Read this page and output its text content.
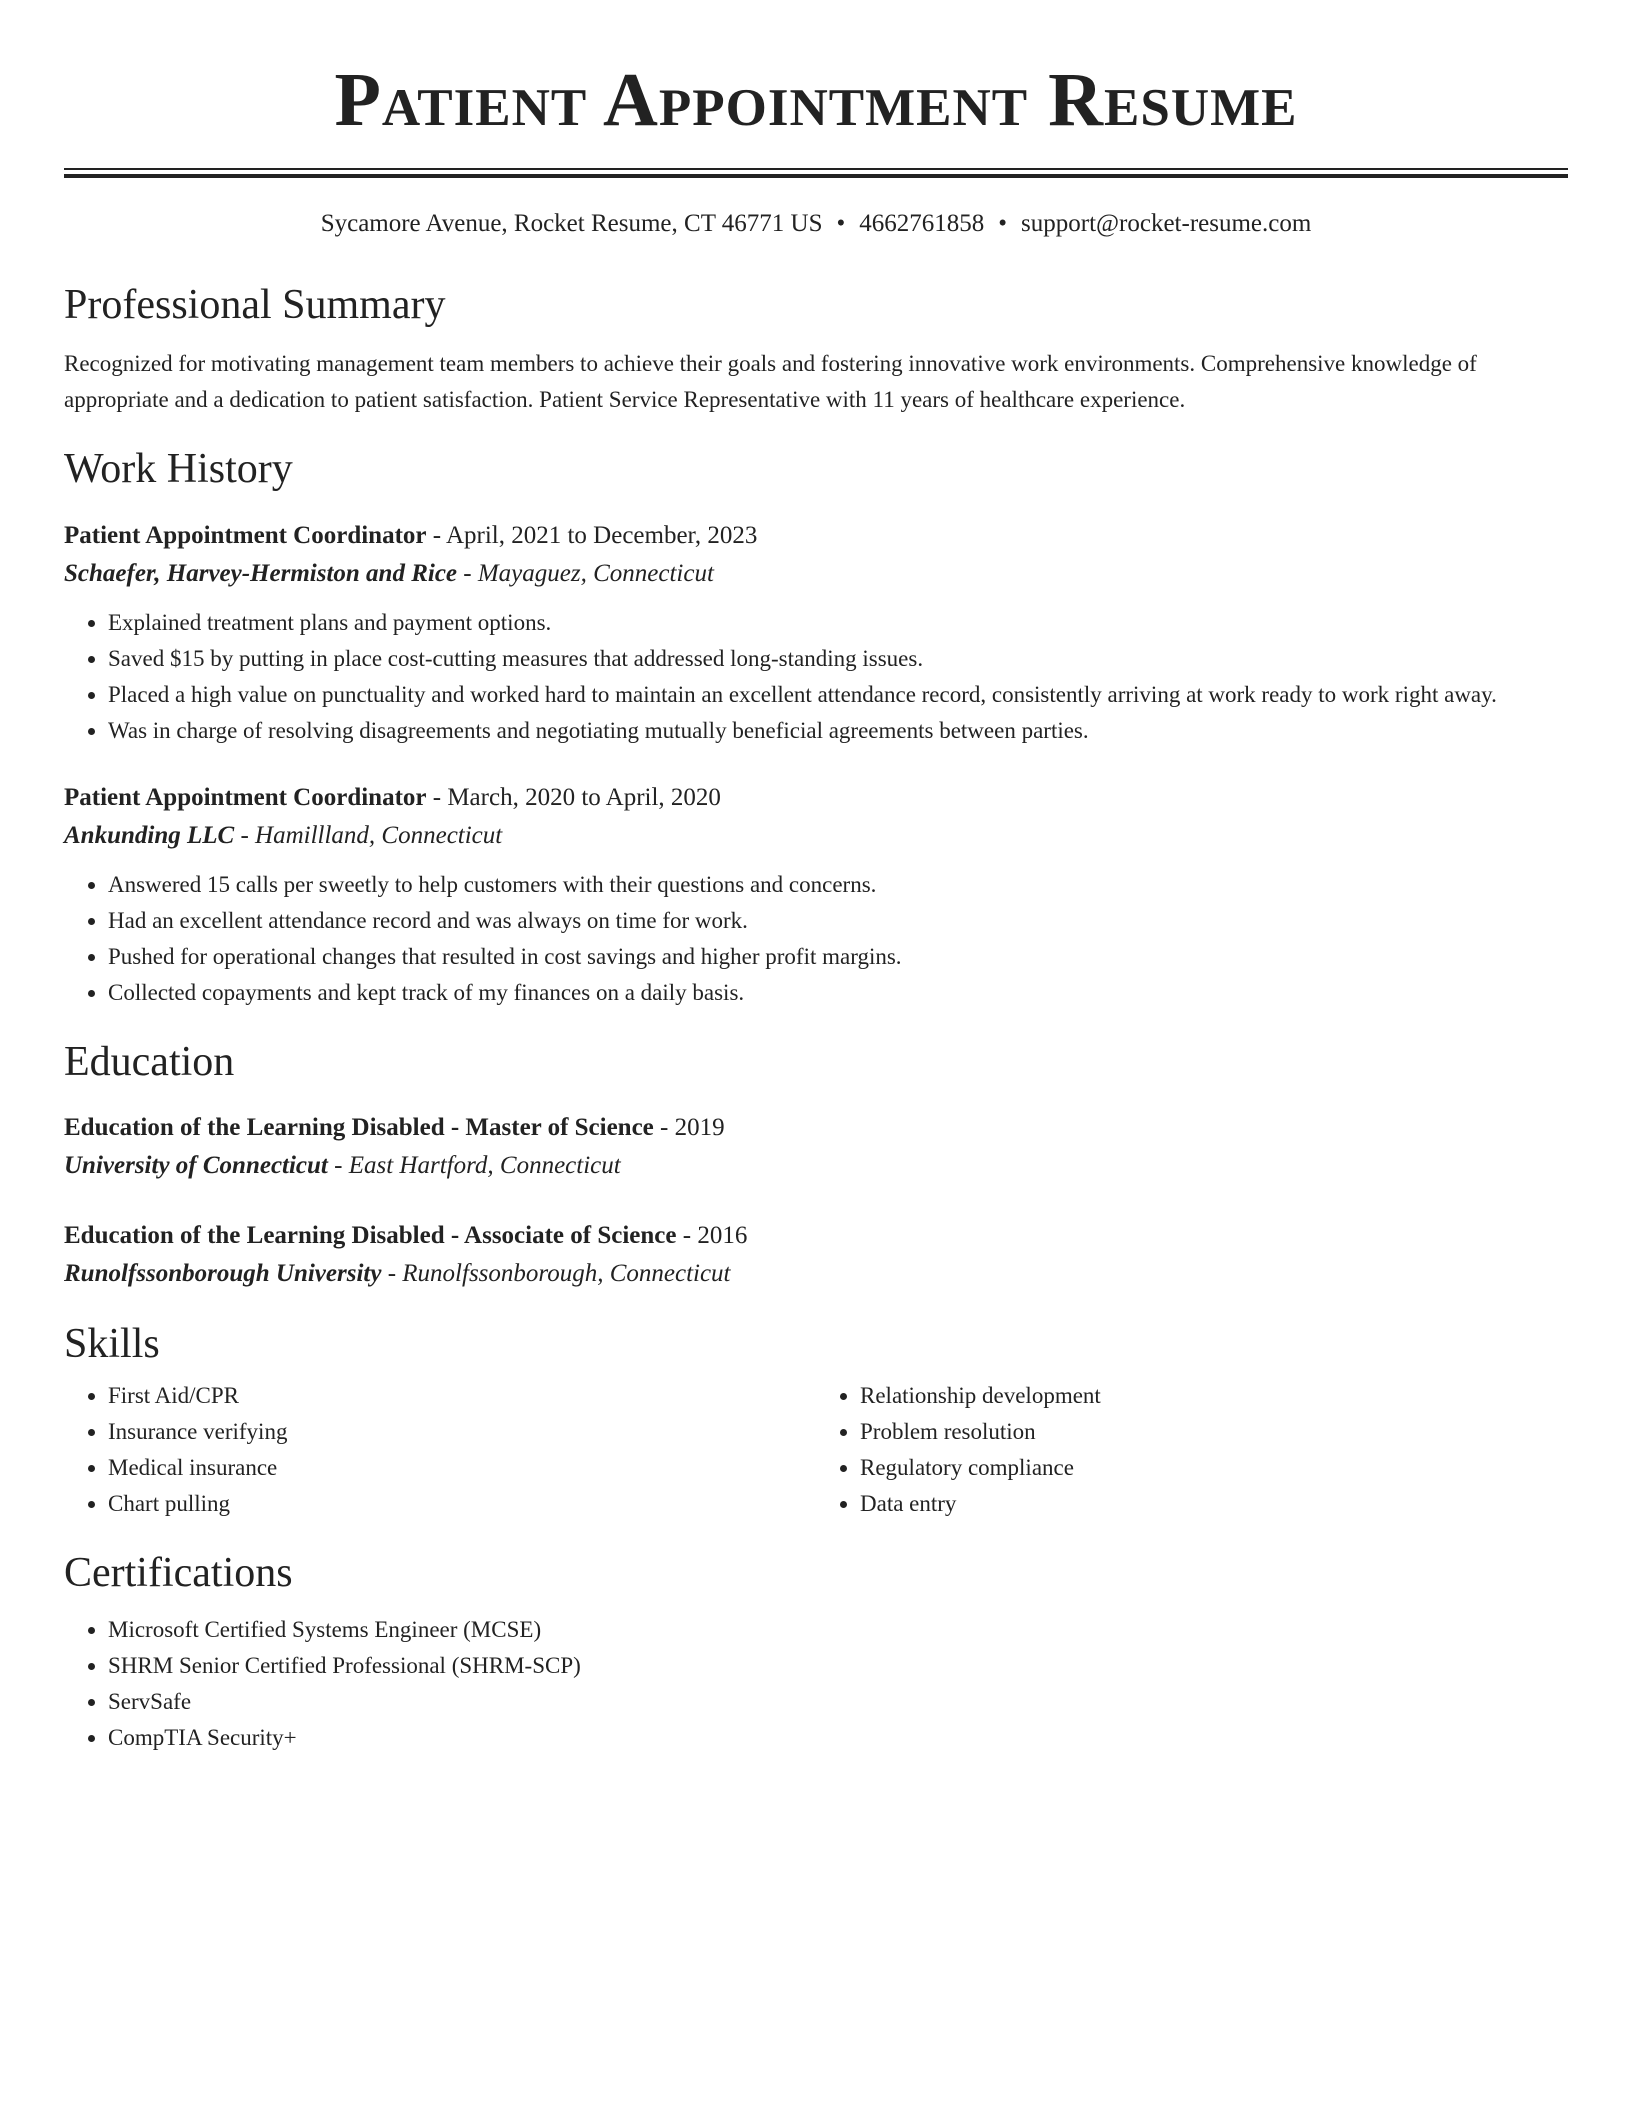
Patient Appointment Resume
Sycamore Avenue, Rocket Resume, CT 46771 US • 4662761858 • support@rocket-resume.com
Professional Summary

Recognized for motivating management team members to achieve their goals and fostering innovative work environments. Comprehensive knowledge of appropriate and a dedication to patient satisfaction. Patient Service Representative with 11 years of healthcare experience.

Work History
Patient Appointment Coordinator - April, 2021 to December, 2023
Schaefer, Harvey-Hermiston and Rice - Mayaguez, Connecticut
• Explained treatment plans and payment options.
• Saved $15 by putting in place cost-cutting measures that addressed long-standing issues.
• Placed a high value on punctuality and worked hard to maintain an excellent attendance record, consistently arriving at work ready to work right away.
• Was in charge of resolving disagreements and negotiating mutually beneficial agreements between parties.
Patient Appointment Coordinator - March, 2020 to April, 2020
Ankunding LLC - Hamillland, Connecticut
• Answered 15 calls per sweetly to help customers with their questions and concerns.
• Had an excellent attendance record and was always on time for work.
• Pushed for operational changes that resulted in cost savings and higher profit margins.
• Collected copayments and kept track of my finances on a daily basis.
Education
Education of the Learning Disabled - Master of Science - 2019
University of Connecticut - East Hartford, Connecticut
Education of the Learning Disabled - Associate of Science - 2016
Runolfssonborough University - Runolfssonborough, Connecticut
Skills
• First Aid/CPR
• Insurance verifying
• Medical insurance
• Chart pulling
• Relationship development
• Problem resolution
• Regulatory compliance
• Data entry
Certifications
• Microsoft Certified Systems Engineer (MCSE)
• SHRM Senior Certified Professional (SHRM-SCP)
• ServSafe
• CompTIA Security+
